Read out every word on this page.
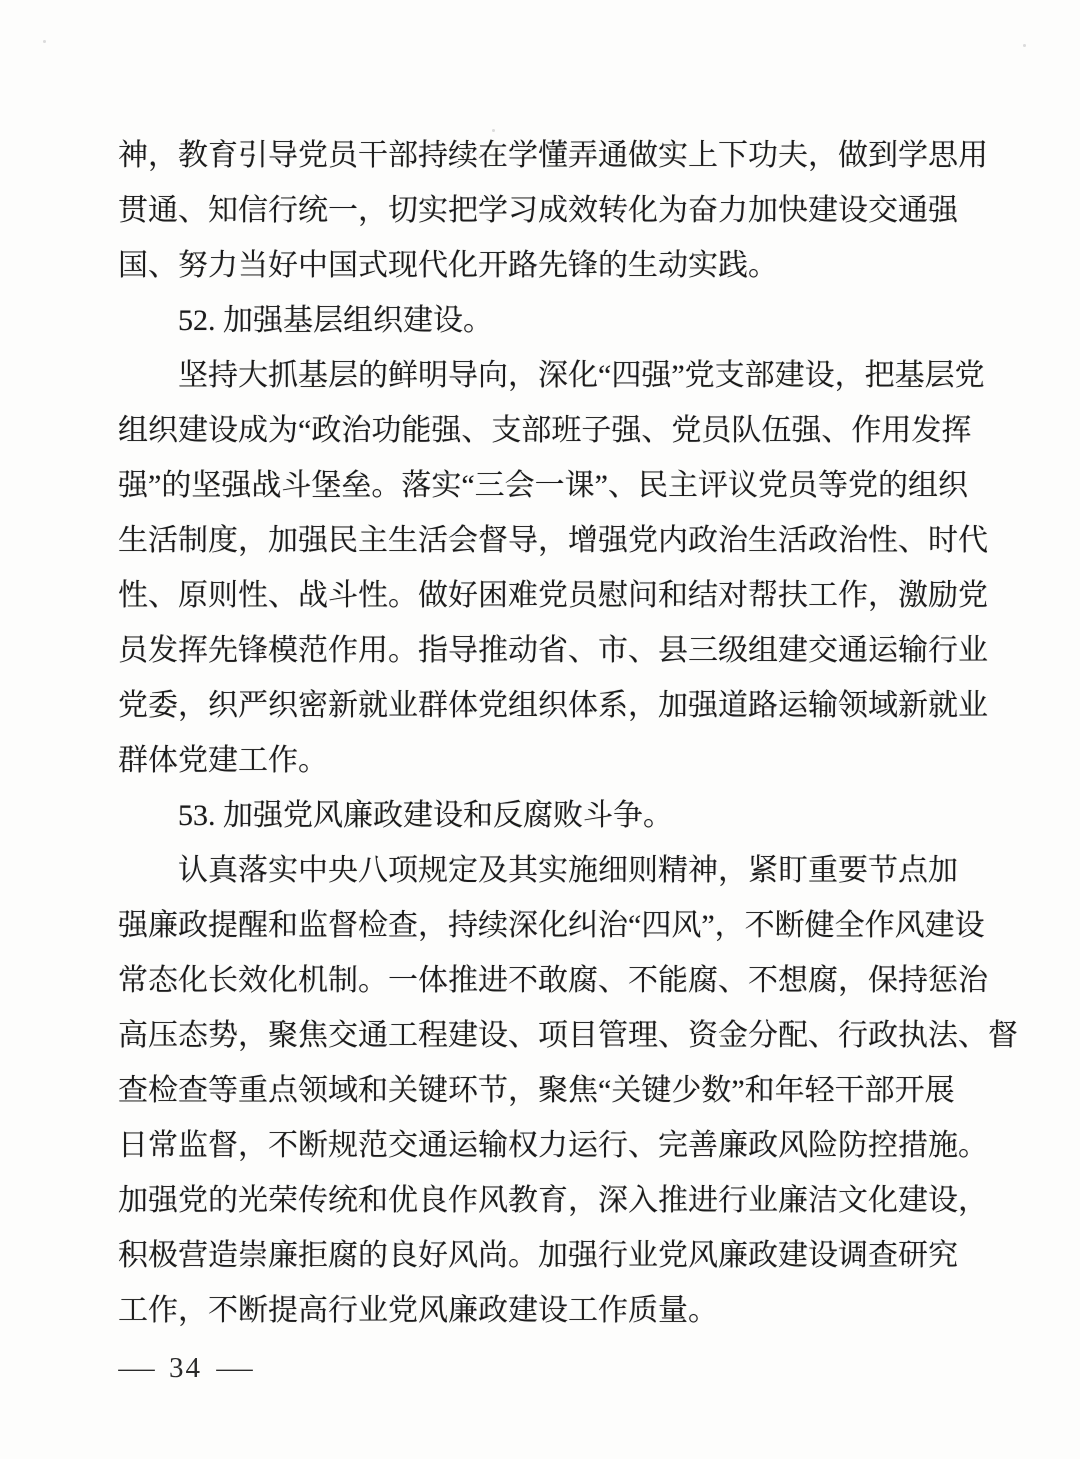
神 ， 教 育 引 导 党 员 干 部 持 续 在 学 懂 弄 通 做 实 上 下 功 夫 ， 做 到 学 思 用
贯 通 、 知 信 行 统 一 ， 切 实 把 学 习 成 效 转 化 为 奋 力 加 快 建 设 交 通 强
国、努力当好中国式现代化开路先锋的生动实践。
52. 加强基层组织建设。
坚 持 大 抓 基 层 的 鲜 明 导 向 ， 深 化 “ 四 强 ” 党 支 部 建 设 ， 把 基 层 党
组 织 建 设 成 为 “ 政 治 功 能 强 、 支 部 班 子 强 、 党 员 队 伍 强 、 作 用 发 挥
强 ” 的 坚 强 战 斗 堡 垒 。 落 实 “ 三 会 一 课 ” 、 民 主 评 议 党 员 等 党 的 组 织
生 活 制 度 ， 加 强 民 主 生 活 会 督 导 ， 增 强 党 内 政 治 生 活 政 治 性 、 时 代
性 、 原 则 性 、 战 斗 性 。 做 好 困 难 党 员 慰 问 和 结 对 帮 扶 工 作 ， 激 励 党
员 发 挥 先 锋 模 范 作 用 。 指 导 推 动 省 、 市 、 县 三 级 组 建 交 通 运 输 行 业
党 委 ， 织 严 织 密 新 就 业 群 体 党 组 织 体 系 ， 加 强 道 路 运 输 领 域 新 就 业
群体党建工作。
53. 加强党风廉政建设和反腐败斗争。
认 真 落 实 中 央 八 项 规 定 及 其 实 施 细 则 精 神 ， 紧 盯 重 要 节 点 加
强 廉 政 提 醒 和 监 督 检 查 ， 持 续 深 化 纠 治 “ 四 风 ” ， 不 断 健 全 作 风 建 设
常 态 化 长 效 化 机 制 。 一 体 推 进 不 敢 腐 、 不 能 腐 、 不 想 腐 ， 保 持 惩 治
高 压 态 势 ， 聚 焦 交 通 工 程 建 设 、 项 目 管 理 、 资 金 分 配 、 行 政 执 法 、 督
查 检 查 等 重 点 领 域 和 关 键 环 节 ， 聚 焦 “ 关 键 少 数 ” 和 年 轻 干 部 开 展
日 常 监 督 ， 不 断 规 范 交 通 运 输 权 力 运 行 、 完 善 廉 政 风 险 防 控 措 施 。
加 强 党 的 光 荣 传 统 和 优 良 作 风 教 育 ， 深 入 推 进 行 业 廉 洁 文 化 建 设 ，
积 极 营 造 崇 廉 拒 腐 的 良 好 风 尚 。 加 强 行 业 党 风 廉 政 建 设 调 查 研 究
工作，不断提高行业党风廉政建设工作质量。
— 34 —
